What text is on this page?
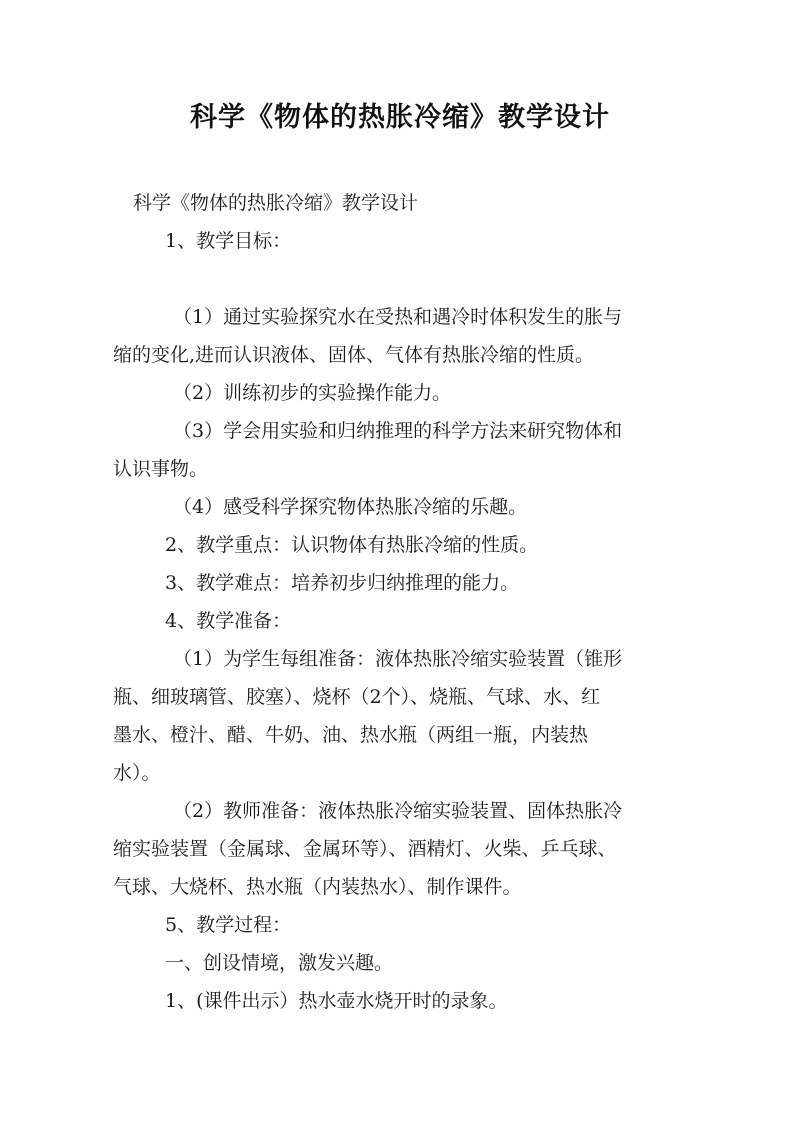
科学《物体的热胀冷缩》教学设计

科学《物体的热胀冷缩》教学设计

1、教学目标：

（1）通过实验探究水在受热和遇冷时体积发生的胀与

缩的变化,进而认识液体、固体、气体有热胀冷缩的性质。

（2）训练初步的实验操作能力。

（3）学会用实验和归纳推理的科学方法来研究物体和

认识事物。

（4）感受科学探究物体热胀冷缩的乐趣。

2、教学重点：认识物体有热胀冷缩的性质。

3、教学难点：培养初步归纳推理的能力。

4、教学准备：

（1）为学生每组准备：液体热胀冷缩实验装置（锥形

瓶、细玻璃管、胶塞）、烧杯（2个）、烧瓶、气球、水、红

墨水、橙汁、醋、牛奶、油、热水瓶（两组一瓶，内装热

水）。

（2）教师准备：液体热胀冷缩实验装置、固体热胀冷

缩实验装置（金属球、金属环等）、酒精灯、火柴、乒乓球、

气球、大烧杯、热水瓶（内装热水）、制作课件。

5、教学过程：

一、创设情境，激发兴趣。

1、(课件出示）热水壶水烧开时的录象。
